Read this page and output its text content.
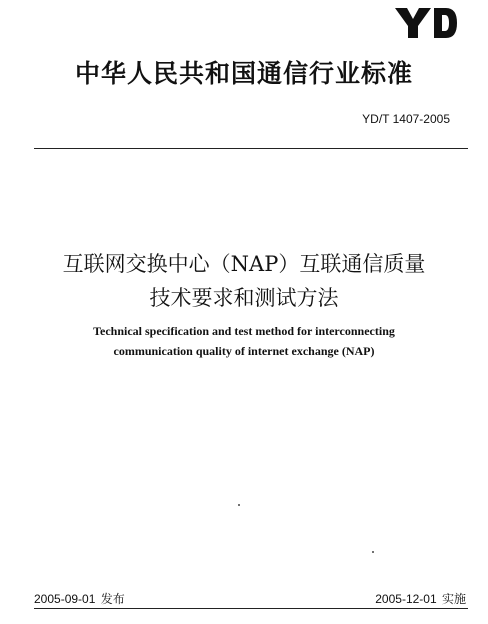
中华人民共和国通信行业标准
YD/T 1407-2005
互联网交换中心（NAP）互联通信质量
技术要求和测试方法
Technical specification and test method for interconnecting
communication quality of internet exchange (NAP)
2005-09-01 发布	2005-12-01 实施
